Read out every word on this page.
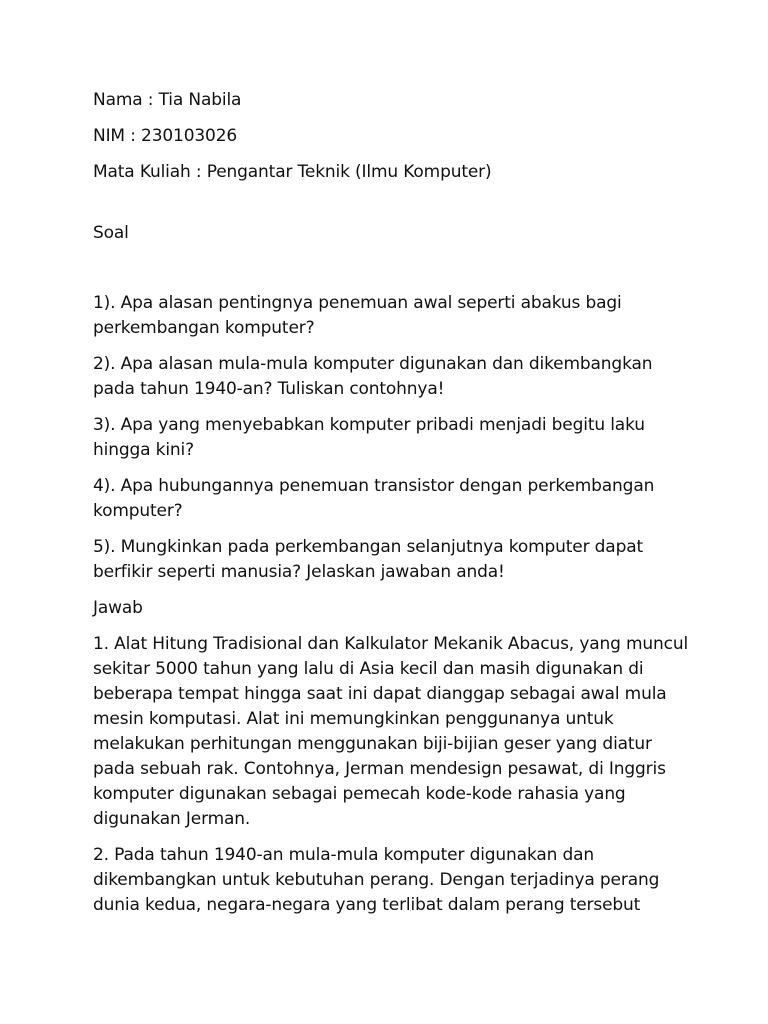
Nama : Tia Nabila

NIM : 230103026

Mata Kuliah : Pengantar Teknik (Ilmu Komputer)

Soal

1). Apa alasan pentingnya penemuan awal seperti abakus bagi perkembangan komputer?

2). Apa alasan mula-mula komputer digunakan dan dikembangkan pada tahun 1940-an? Tuliskan contohnya!

3). Apa yang menyebabkan komputer pribadi menjadi begitu laku hingga kini?

4). Apa hubungannya penemuan transistor dengan perkembangan komputer?

5). Mungkinkan pada perkembangan selanjutnya komputer dapat berfikir seperti manusia? Jelaskan jawaban anda!

Jawab

1. Alat Hitung Tradisional dan Kalkulator Mekanik Abacus, yang muncul sekitar 5000 tahun yang lalu di Asia kecil dan masih digunakan di beberapa tempat hingga saat ini dapat dianggap sebagai awal mula mesin komputasi. Alat ini memungkinkan penggunanya untuk melakukan perhitungan menggunakan biji-bijian geser yang diatur pada sebuah rak. Contohnya, Jerman mendesign pesawat, di Inggris komputer digunakan sebagai pemecah kode-kode rahasia yang digunakan Jerman.

2. Pada tahun 1940-an mula-mula komputer digunakan dan dikembangkan untuk kebutuhan perang. Dengan terjadinya perang dunia kedua, negara-negara yang terlibat dalam perang tersebut
